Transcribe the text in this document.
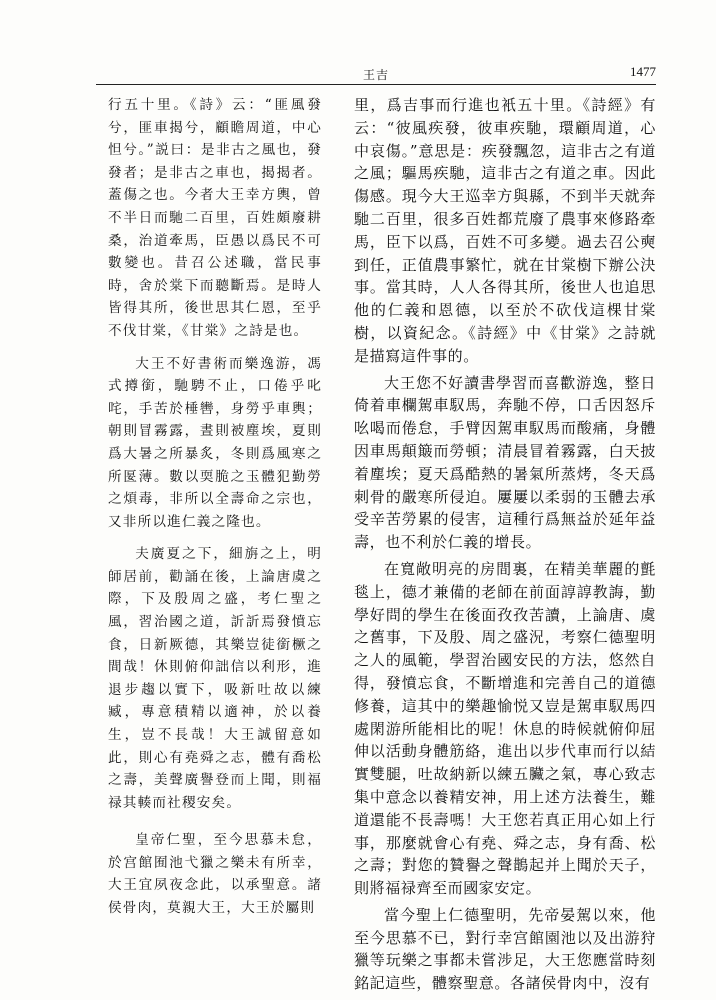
王吉	1477

行五十里。《詩》云：“匪風發兮，匪車揭兮，顧瞻周道，中心怛兮。”説曰：是非古之風也，發發者；是非古之車也，揭揭者。蓋傷之也。今者大王幸方輿，曾不半日而馳二百里，百姓頗廢耕桑，治道牽馬，臣愚以爲民不可數變也。昔召公述職，當民事時，舍於棠下而聽斷焉。是時人皆得其所，後世思其仁恩，至乎不伐甘棠，《甘棠》之詩是也。

大王不好書術而樂逸游，馮式撙銜，馳騁不止，口倦乎叱咤，手苦於棰轡，身勞乎車輿；朝則冒霧露，晝則被塵埃，夏則爲大暑之所暴炙，冬則爲風寒之所匽薄。數以耎脆之玉體犯勤勞之煩毒，非所以全壽命之宗也，又非所以進仁義之隆也。

夫廣夏之下，細旃之上，明師居前，勸誦在後，上論唐虞之際，下及殷周之盛，考仁聖之風，習治國之道，訢訢焉發憤忘食，日新厥德，其樂豈徒銜橛之間哉！休則俯仰詘信以利形，進退步趨以實下，吸新吐故以練臧，專意積精以適神，於以養生，豈不長哉！大王誠留意如此，則心有堯舜之志，體有喬松之壽，美聲廣譽登而上聞，則福禄其輳而社稷安矣。

皇帝仁聖，至今思慕未怠，於宫館囿池弋獵之樂未有所幸，大王宜夙夜念此，以承聖意。諸侯骨肉，莫親大王，大王於屬則

里，爲吉事而行進也衹五十里。《詩經》有云：“彼風疾發，彼車疾馳，環顧周道，心中哀傷。”意思是：疾發飄忽，這非古之有道之風；驅馬疾馳，這非古之有道之車。因此傷感。現今大王巡幸方與縣，不到半天就奔馳二百里，很多百姓都荒廢了農事來修路牽馬，臣下以爲，百姓不可多變。過去召公奭到任，正值農事繁忙，就在甘棠樹下辦公決事。當其時，人人各得其所，後世人也追思他的仁義和恩德，以至於不砍伐這棵甘棠樹，以資紀念。《詩經》中《甘棠》之詩就是描寫這件事的。

大王您不好讀書學習而喜歡游逸，整日倚着車欄駕車馭馬，奔馳不停，口舌因怒斥吆喝而倦怠，手臂因駕車馭馬而酸痛，身體因車馬顛簸而勞頓；清晨冒着霧露，白天披着塵埃；夏天爲酷熱的暑氣所蒸烤，冬天爲刺骨的嚴寒所侵迫。屢屢以柔弱的玉體去承受辛苦勞累的侵害，這種行爲無益於延年益壽，也不利於仁義的增長。

在寬敞明亮的房間裏，在精美華麗的氈毯上，德才兼備的老師在前面諄諄教誨，勤學好問的學生在後面孜孜苦讀，上論唐、虞之舊事，下及殷、周之盛況，考察仁德聖明之人的風範，學習治國安民的方法，悠然自得，發憤忘食，不斷增進和完善自己的道德修養，這其中的樂趣愉悦又豈是駕車馭馬四處閑游所能相比的呢！休息的時候就俯仰屈伸以活動身體筋絡，進出以步代車而行以結實雙腿，吐故納新以練五臟之氣，專心致志集中意念以養精安神，用上述方法養生，難道還能不長壽嗎！大王您若真正用心如上行事，那麼就會心有堯、舜之志，身有喬、松之壽；對您的贊譽之聲鵲起并上聞於天子，則將福禄齊至而國家安定。

當今聖上仁德聖明，先帝晏駕以來，他至今思慕不已，對行幸宫館園池以及出游狩獵等玩樂之事都未嘗涉足，大王您應當時刻銘記這些，體察聖意。各諸侯骨肉中，沒有
